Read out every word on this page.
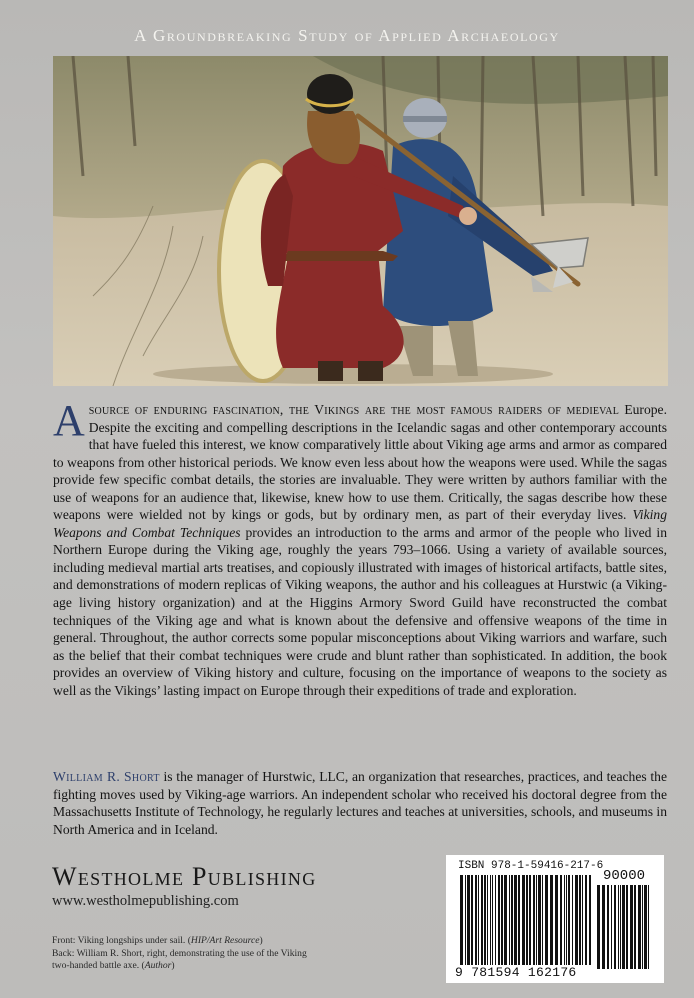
A Groundbreaking Study of Applied Archaeology
Asource of enduring fascination, the Vikings are the most famous raiders of medieval Europe. Despite the exciting and compelling descriptions in the Icelandic sagas and other contemporary accounts that have fueled this interest, we know comparatively little about Viking age arms and armor as compared to weapons from other historical periods. We know even less about how the weapons were used. While the sagas provide few specific combat details, the stories are invaluable. They were written by authors familiar with the use of weapons for an audience that, likewise, knew how to use them. Critically, the sagas describe how these weapons were wielded not by kings or gods, but by ordinary men, as part of their everyday lives. Viking Weapons and Combat Techniques provides an introduction to the arms and armor of the people who lived in Northern Europe during the Viking age, roughly the years 793–1066. Using a variety of available sources, including medieval martial arts treatises, and copiously illustrated with images of historical artifacts, battle sites, and demonstrations of modern replicas of Viking weapons, the author and his colleagues at Hurstwic (a Viking-age living history organization) and at the Higgins Armory Sword Guild have reconstructed the combat techniques of the Viking age and what is known about the defensive and offensive weapons of the time in general. Throughout, the author corrects some popular misconceptions about Viking warriors and warfare, such as the belief that their combat techniques were crude and blunt rather than sophisticated. In addition, the book provides an overview of Viking history and culture, focusing on the importance of weapons to the society as well as the Vikings’ lasting impact on Europe through their expeditions of trade and exploration.
William R. Short is the manager of Hurstwic, LLC, an organization that researches, practices, and teaches the fighting moves used by Viking-age warriors. An independent scholar who received his doctoral degree from the Massachusetts Institute of Technology, he regularly lectures and teaches at universities, schools, and museums in North America and in Iceland.
Westholme Publishing
www.westholmepublishing.com
Front: Viking longships under sail. (HIP/Art Resource)
Back: William R. Short, right, demonstrating the use of the Viking two-handed battle axe. (Author)
ISBN 978-1-59416-217-6
90000
9 781594 162176
